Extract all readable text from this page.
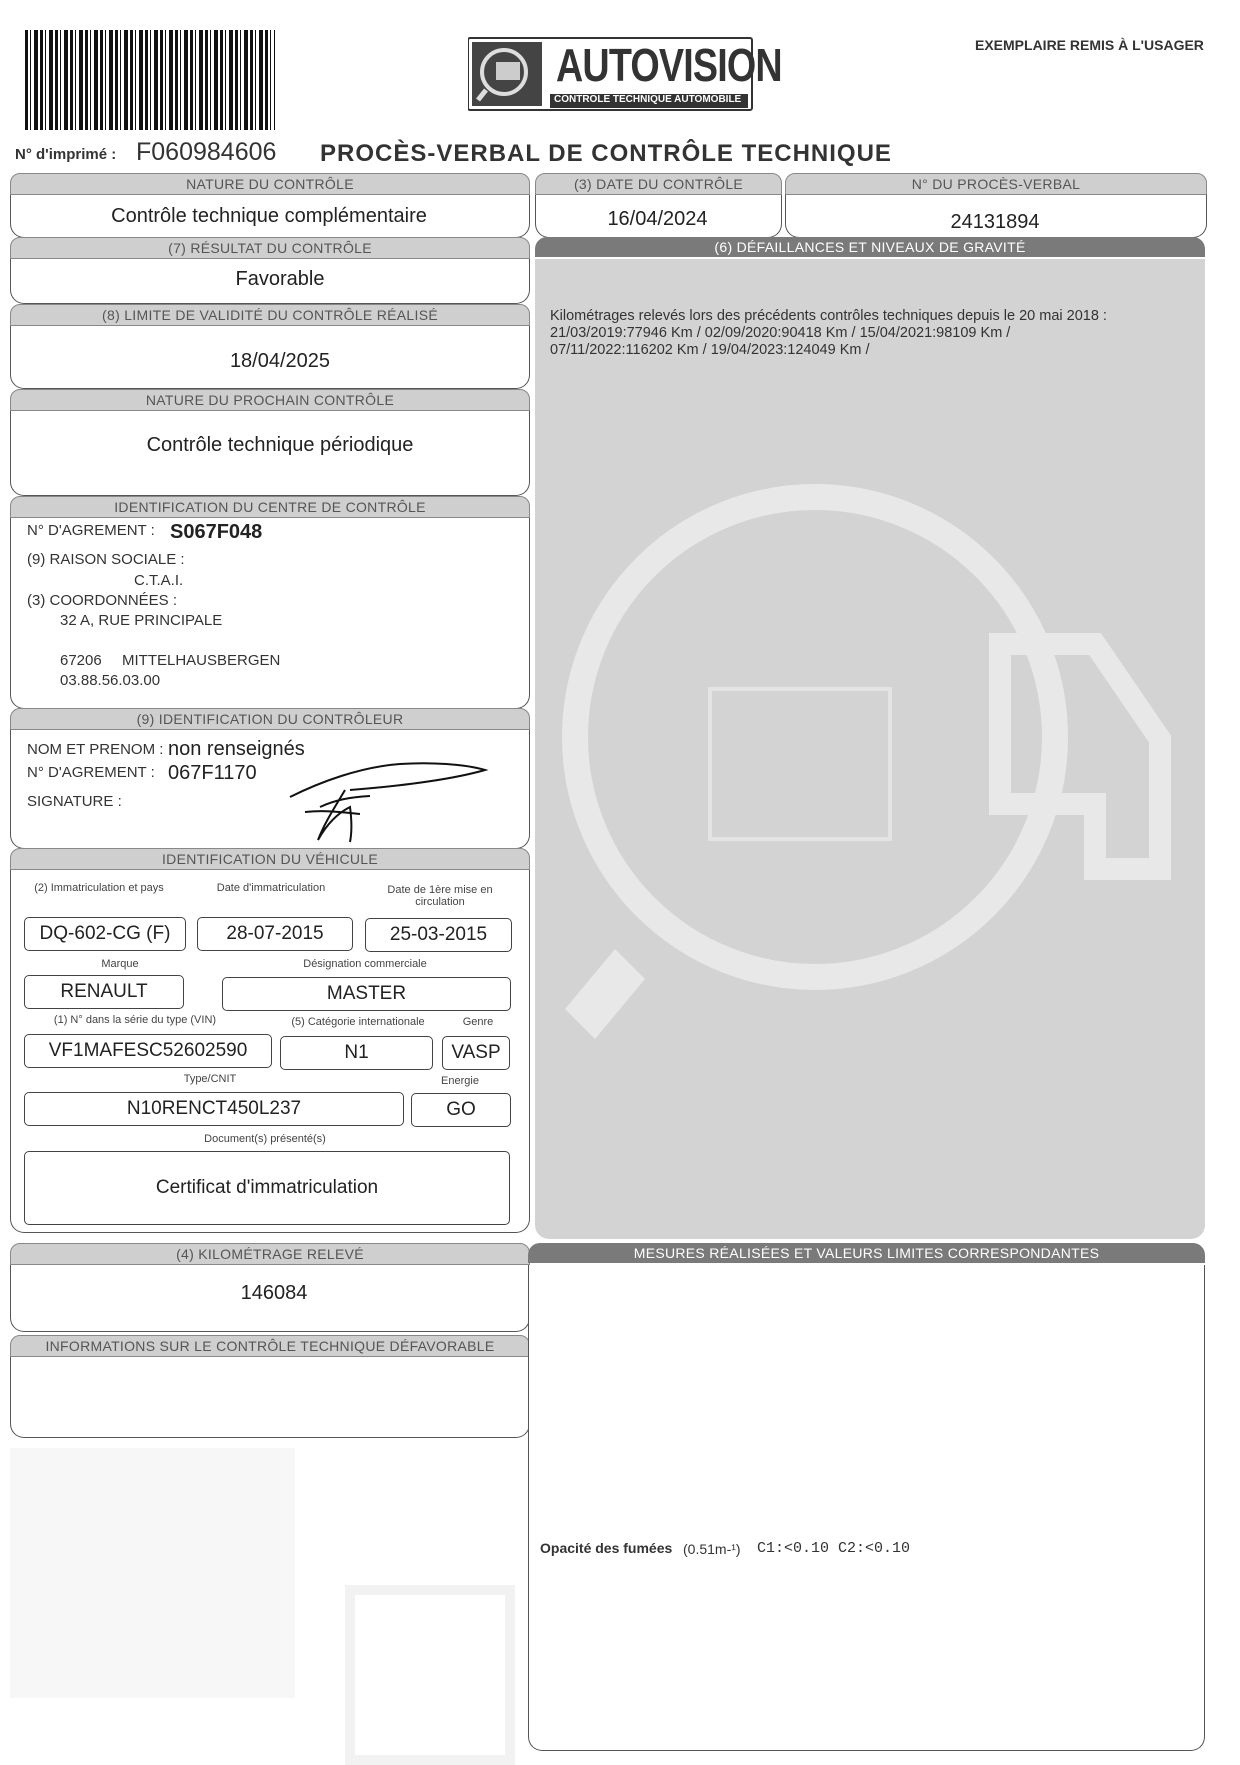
AUTOVISION
CONTROLE TECHNIQUE AUTOMOBILE
EXEMPLAIRE REMIS À L'USAGER
N° d'imprimé : F060984606 PROCÈS-VERBAL DE CONTRÔLE TECHNIQUE
NATURE DU CONTRÔLE
Contrôle technique complémentaire
(7) RÉSULTAT DU CONTRÔLE
Favorable
(8) LIMITE DE VALIDITÉ DU CONTRÔLE RÉALISÉ
18/04/2025
NATURE DU PROCHAIN CONTRÔLE
Contrôle technique périodique
IDENTIFICATION DU CENTRE DE CONTRÔLE
N° D'AGREMENT : S067F048
(9) RAISON SOCIALE :
C.T.A.I.
(3) COORDONNÉES :
32 A, RUE PRINCIPALE
67206 MITTELHAUSBERGEN
03.88.56.03.00
(9) IDENTIFICATION DU CONTRÔLEUR
NOM ET PRENOM : non renseignés
N° D'AGREMENT : 067F1170
SIGNATURE :
IDENTIFICATION DU VÉHICULE
(2) Immatriculation et pays	Date d'immatriculation	Date de 1ère mise en
circulation
DQ-602-CG (F)	28-07-2015	25-03-2015
Marque	Désignation commerciale
RENAULT	MASTER
(1) N° dans la série du type (VIN)	(5) Catégorie internationale	Genre
VF1MAFESC52602590	N1	VASP
Type/CNIT	Energie
N10RENCT450L237	GO
Document(s) présenté(s)
Certificat d'immatriculation
(4) KILOMÉTRAGE RELEVÉ
146084
INFORMATIONS SUR LE CONTRÔLE TECHNIQUE DÉFAVORABLE
(3) DATE DU CONTRÔLE
16/04/2024
N° DU PROCÈS-VERBAL
24131894
(6) DÉFAILLANCES ET NIVEAUX DE GRAVITÉ
Kilométrages relevés lors des précédents contrôles techniques depuis le 20 mai 2018 :
21/03/2019:77946 Km / 02/09/2020:90418 Km / 15/04/2021:98109 Km /
07/11/2022:116202 Km / 19/04/2023:124049 Km /
MESURES RÉALISÉES ET VALEURS LIMITES CORRESPONDANTES
Opacité des fumées (0.51m-¹) C1:<0.10 C2:<0.10
